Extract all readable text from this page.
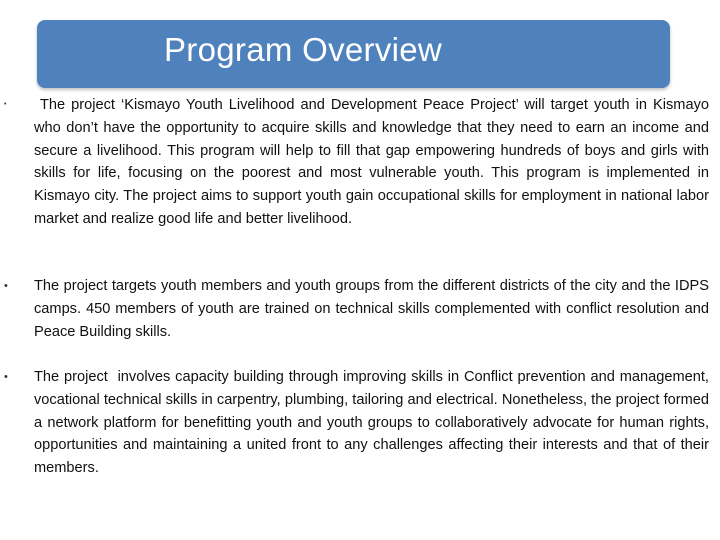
Program Overview
• The project ‘Kismayo Youth Livelihood and Development Peace Project’ will target youth in Kismayo who don’t have the opportunity to acquire skills and knowledge that they need to earn an income and secure a livelihood. This program will help to fill that gap empowering hundreds of boys and girls with skills for life, focusing on the poorest and most vulnerable youth. This program is implemented in Kismayo city. The project aims to support youth gain occupational skills for employment in national labor market and realize good life and better livelihood.
• The project targets youth members and youth groups from the different districts of the city and the IDPS camps. 450 members of youth are trained on technical skills complemented with conflict resolution and Peace Building skills.
• The project  involves capacity building through improving skills in Conflict prevention and management, vocational technical skills in carpentry, plumbing, tailoring and electrical. Nonetheless, the project formed a network platform for benefitting youth and youth groups to collaboratively advocate for human rights, opportunities and maintaining a united front to any challenges affecting their interests and that of their members.
